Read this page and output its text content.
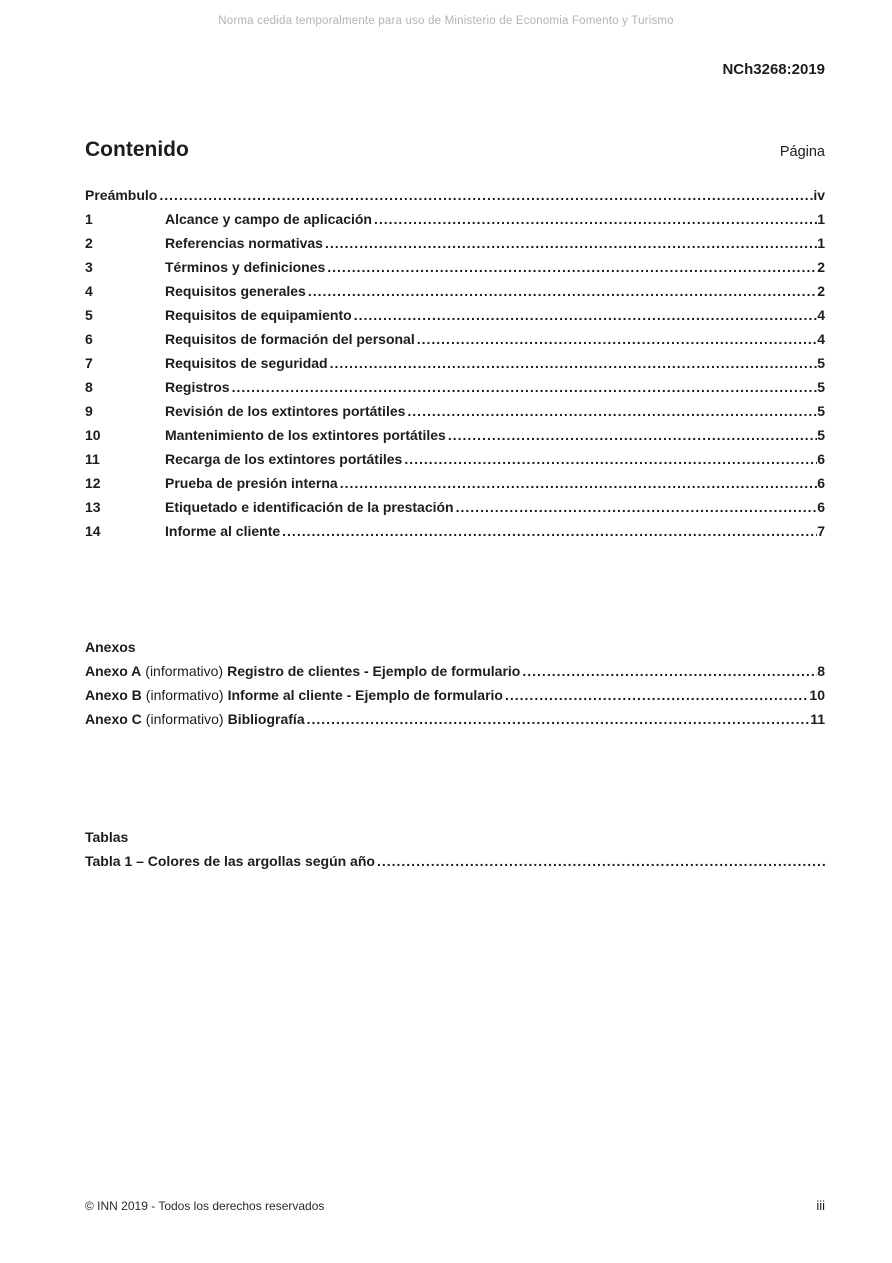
Norma cedida temporalmente para uso de Ministerio de Economia Fomento y Turismo
NCh3268:2019
Contenido	Página
Preámbulo .....	iv
1	Alcance y campo de aplicación .....	1
2	Referencias normativas .....	1
3	Términos y definiciones .....	2
4	Requisitos generales .....	2
5	Requisitos de equipamiento .....	4
6	Requisitos de formación del personal .....	4
7	Requisitos de seguridad .....	5
8	Registros .....	5
9	Revisión de los extintores portátiles .....	5
10	Mantenimiento de los extintores portátiles .....	5
11	Recarga de los extintores portátiles .....	6
12	Prueba de presión interna .....	6
13	Etiquetado e identificación de la prestación .....	6
14	Informe al cliente .....	7
Anexos
Anexo A (informativo) Registro de clientes - Ejemplo de formulario .....	8
Anexo B (informativo) Informe al cliente - Ejemplo de formulario .....	10
Anexo C (informativo) Bibliografía .....	11
Tablas
Tabla 1 – Colores de las argollas según año
.....
© INN 2019 - Todos los derechos reservados	iii
